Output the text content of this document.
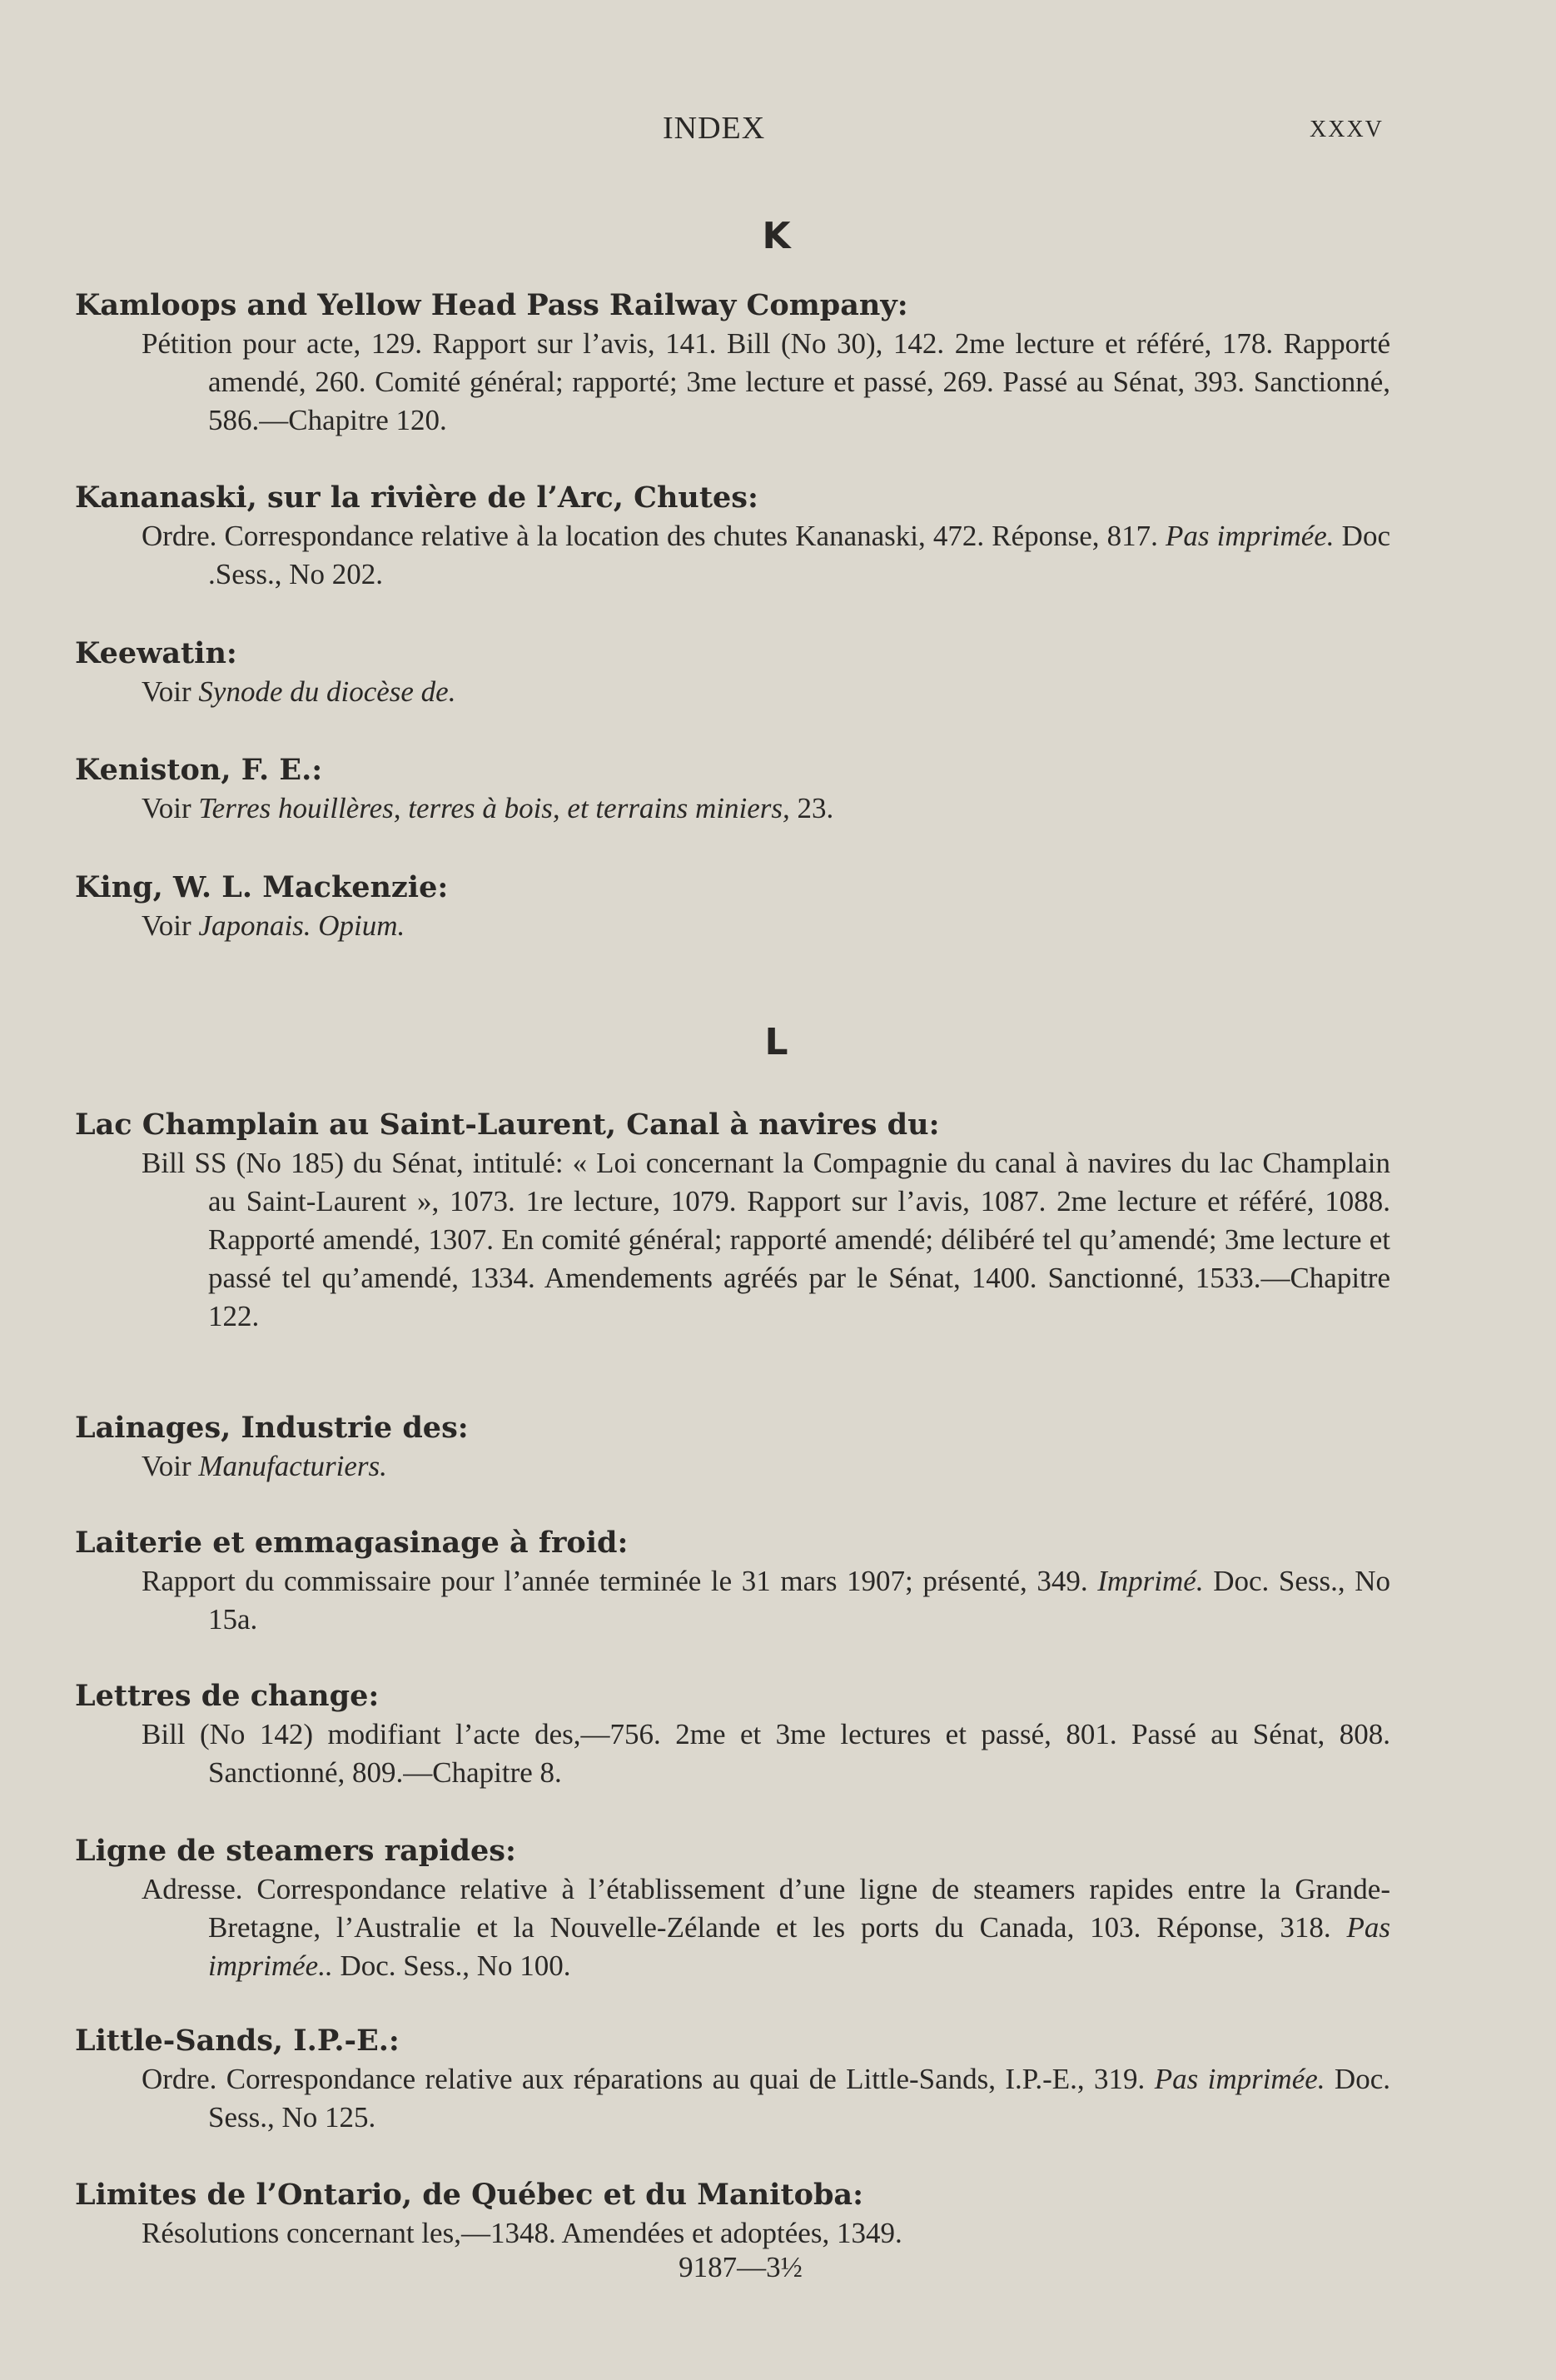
INDEX	XXXV
K
Kamloops and Yellow Head Pass Railway Company:

Pétition pour acte, 129. Rapport sur l’avis, 141. Bill (No 30), 142. 2me lecture et référé, 178. Rapporté amendé, 260. Comité général; rapporté; 3me lecture et passé, 269. Passé au Sénat, 393. Sanctionné, 586.—Chapitre 120.

Kananaski, sur la rivière de l’Arc, Chutes:

Ordre. Correspondance relative à la location des chutes Kananaski, 472. Réponse, 817. Pas imprimée. Doc .Sess., No 202.

Keewatin:

Voir Synode du diocèse de.

Keniston, F. E.:

Voir Terres houillères, terres à bois, et terrains miniers, 23.

King, W. L. Mackenzie:

Voir Japonais. Opium.

L
Lac Champlain au Saint-Laurent, Canal à navires du:

Bill SS (No 185) du Sénat, intitulé: « Loi concernant la Compagnie du canal à navires du lac Champlain au Saint-Laurent », 1073. 1re lecture, 1079. Rapport sur l’avis, 1087. 2me lecture et référé, 1088. Rapporté amendé, 1307. En comité général; rapporté amendé; délibéré tel qu’amendé; 3me lecture et passé tel qu’amendé, 1334. Amendements agréés par le Sénat, 1400. Sanctionné, 1533.—Chapitre 122.

Lainages, Industrie des:

Voir Manufacturiers.

Laiterie et emmagasinage à froid:

Rapport du commissaire pour l’année terminée le 31 mars 1907; présenté, 349. Imprimé. Doc. Sess., No 15a.

Lettres de change:

Bill (No 142) modifiant l’acte des,—756. 2me et 3me lectures et passé, 801. Passé au Sénat, 808. Sanctionné, 809.—Chapitre 8.

Ligne de steamers rapides:

Adresse. Correspondance relative à l’établissement d’une ligne de steamers rapides entre la Grande-Bretagne, l’Australie et la Nouvelle-Zélande et les ports du Canada, 103. Réponse, 318. Pas imprimée.. Doc. Sess., No 100.

Little-Sands, I.P.-E.:

Ordre. Correspondance relative aux réparations au quai de Little-Sands, I.P.-E., 319. Pas imprimée. Doc. Sess., No 125.

Limites de l’Ontario, de Québec et du Manitoba:

Résolutions concernant les,—1348. Amendées et adoptées, 1349.

9187—3½
